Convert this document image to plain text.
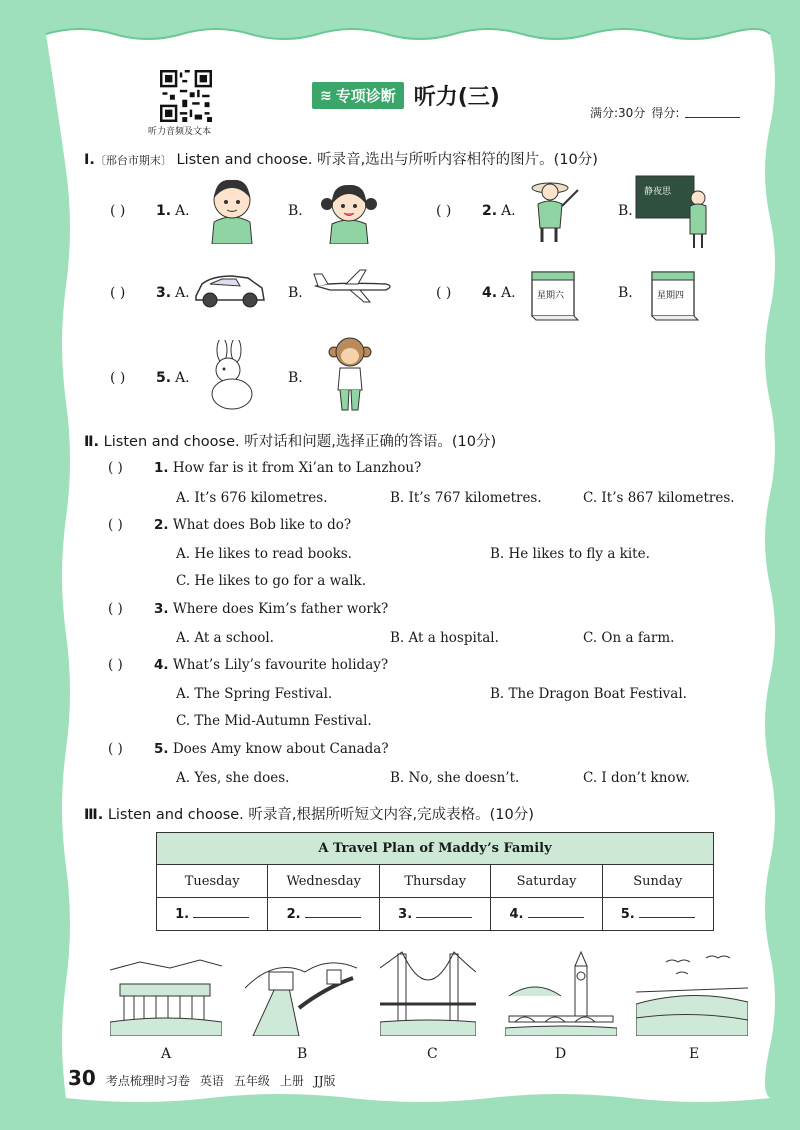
听力音频及文本
≋ 专项诊断 听力(三)
满分:30分 得分:
Ⅰ.〔邢台市期末〕 Listen and choose. 听录音,选出与所听内容相符的图片。(10分)
( )	1. A.	B.	( )	2. A.	B.
静夜思
( )	3. A.	B.	( )	4. A. 星期六	B.	星期四
( )	5. A.	B.
Ⅱ. Listen and choose. 听对话和问题,选择正确的答语。(10分)
( ) 1. How far is it from Xi’an to Lanzhou?
A. It’s 676 kilometres.	B. It’s 767 kilometres.	C. It’s 867 kilometres.
( ) 2. What does Bob like to do?
A. He likes to read books.	B. He likes to fly a kite.
C. He likes to go for a walk.
( ) 3. Where does Kim’s father work?
A. At a school.	B. At a hospital.	C. On a farm.
( ) 4. What’s Lily’s favourite holiday?
A. The Spring Festival.	B. The Dragon Boat Festival.
C. The Mid-Autumn Festival.
( ) 5. Does Amy know about Canada?
A. Yes, she does.	B. No, she doesn’t.	C. I don’t know.
Ⅲ. Listen and choose. 听录音,根据所听短文内容,完成表格。(10分)
A Travel Plan of Maddy’s Family				
Tuesday	Wednesday	Thursday	Saturday	Sunday
1.	2.	3.	4.	5.
A	B	C	D	E
30 考点梳理时习卷 英语 五年级 上册 JJ版
